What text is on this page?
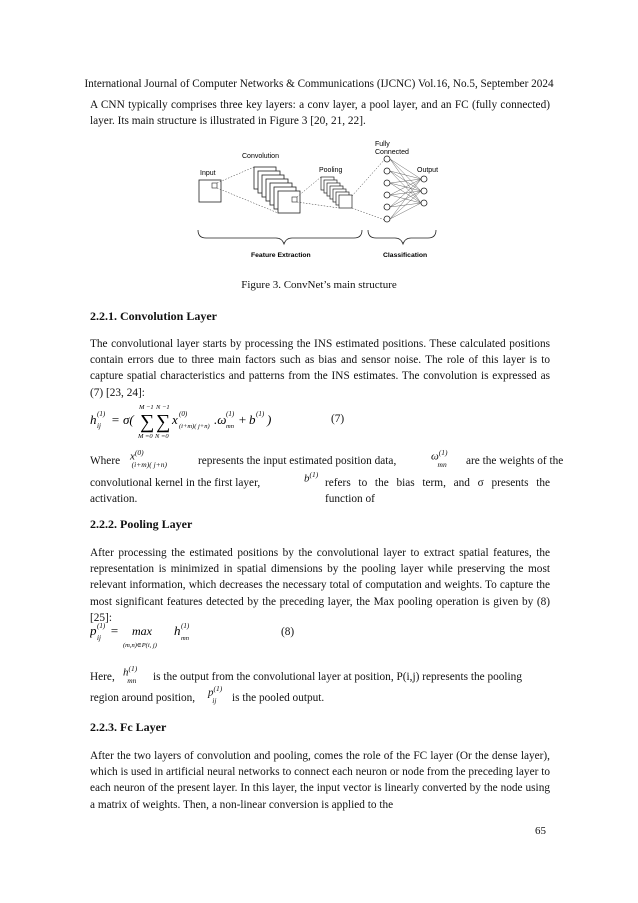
International Journal of Computer Networks & Communications (IJCNC) Vol.16, No.5, September 2024

A CNN typically comprises three key layers: a conv layer, a pool layer, and an FC (fully connected) layer. Its main structure is illustrated in Figure 3 [20, 21, 22].

Input
Convolution
Pooling
Fully
Connected
Output
Feature Extraction	Classification
Figure 3. ConvNet’s main structure
2.2.1. Convolution Layer

The convolutional layer starts by processing the INS estimated positions. These calculated positions contain errors due to three main factors such as bias and sensor noise. The role of this layer is to capture spatial characteristics and patterns from the INS estimates. The convolution is expressed as (7) [23, 24]:

h (1)
ij = σ( ∑ ∑
M −1 N −1
M =0 N =0
x (0)
(i+m)( j+n) .ω (1)
mn + b (1) )	(7)
Where $x^{(0)}_{(i+m)( j+n)}$	represents the input estimated position data,	$\omega^{(1)}_{mn}$	are the weights of the
convolutional kernel in the first layer,	$b^{(1)}$
refers to the bias term, and σ presents the function of
activation.
2.2.2. Pooling Layer

After processing the estimated positions by the convolutional layer to extract spatial features, the representation is minimized in spatial dimensions by the pooling layer while preserving the most relevant information, which decreases the necessary total of computation and weights. To capture the most significant features detected by the preceding layer, the Max pooling operation is given by (8) [25]:

p (1)
ij = max
(m,n)∈P(i, j)
h (1)
mn
(8)
Here, $h^{(1)}_{mn}$	is the output from the convolutional layer at position, P(i,j) represents the pooling
region around position, $p^{(1)}_{ij}$	is the pooled output.
2.2.3. Fc Layer

After the two layers of convolution and pooling, comes the role of the FC layer (Or the dense layer), which is used in artificial neural networks to connect each neuron or node from the preceding layer to each neuron of the present layer. In this layer, the input vector is linearly converted by the node using a matrix of weights. Then, a non-linear conversion is applied to the

65
